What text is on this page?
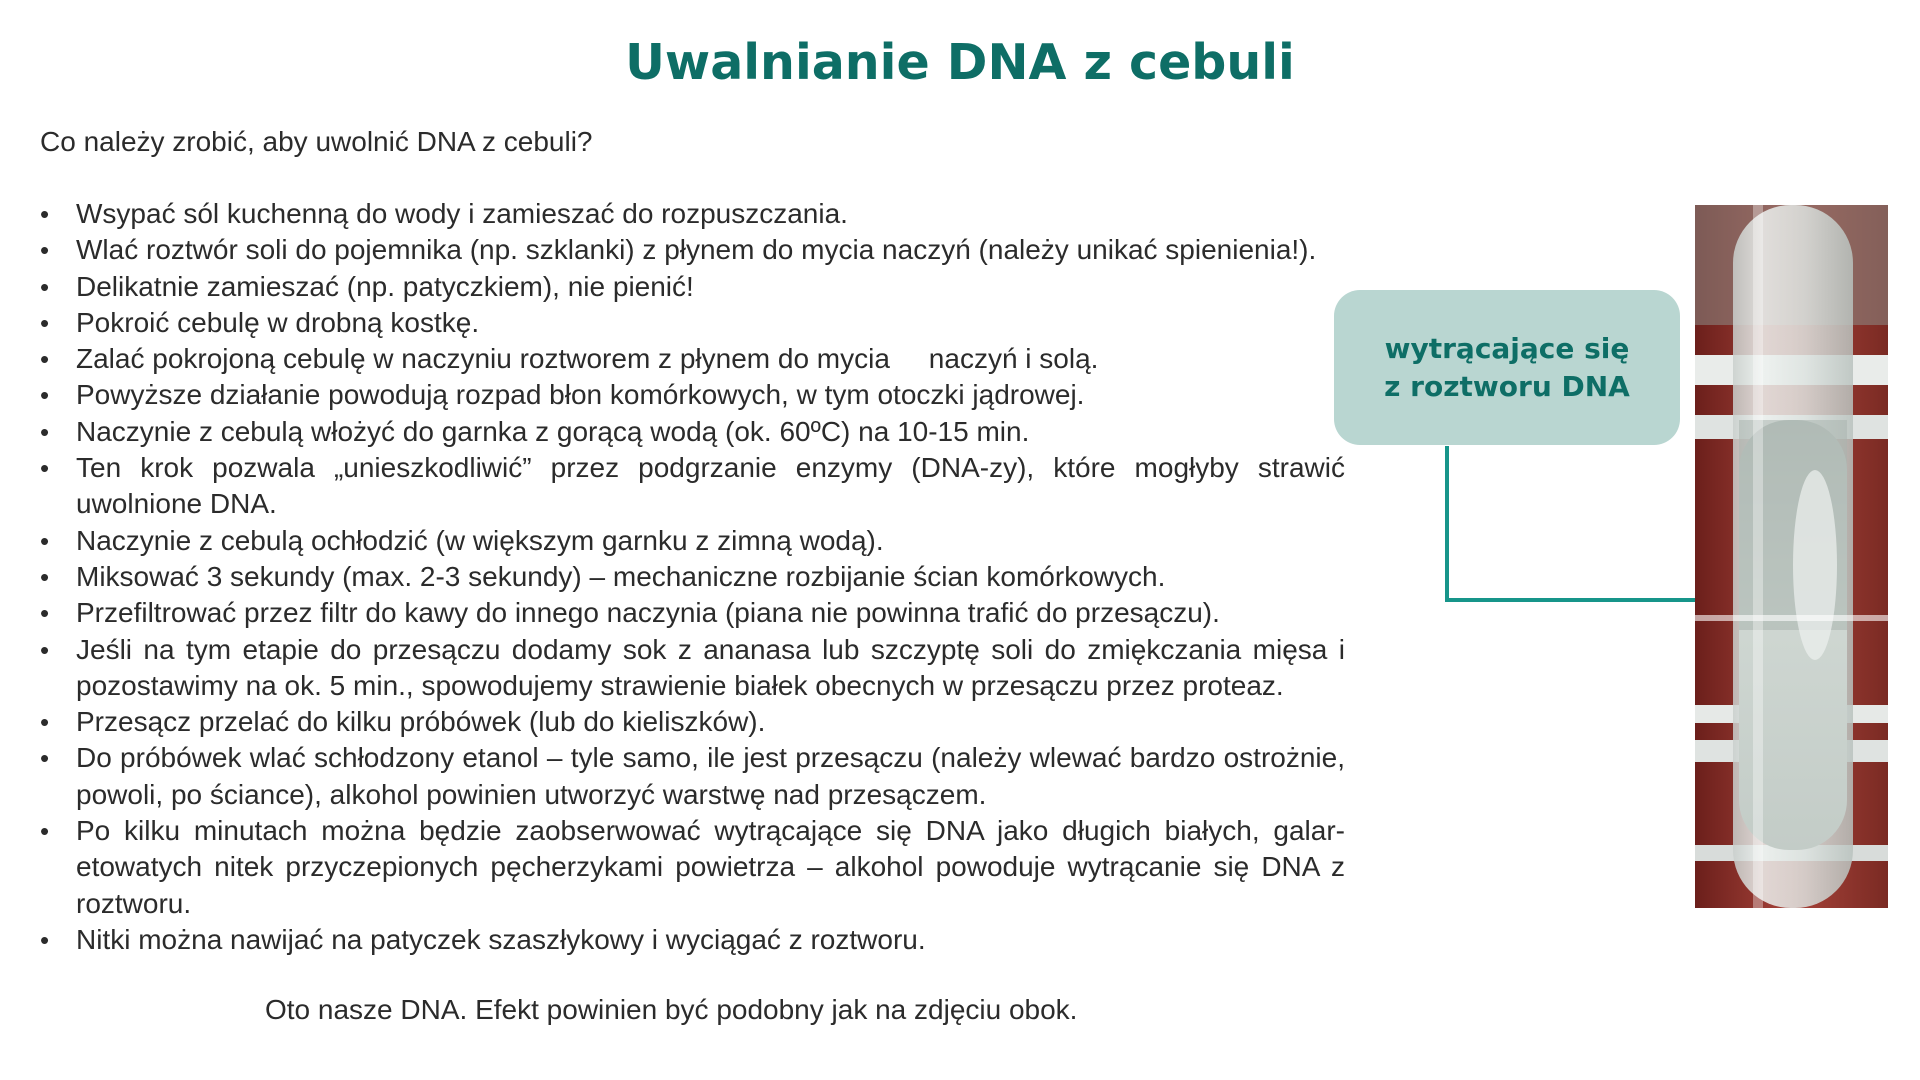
Uwalnianie DNA z cebuli
Co należy zrobić, aby uwolnić DNA z cebuli?
• Wsypać sól kuchenną do wody i zamieszać do rozpuszczania.
• Wlać roztwór soli do pojemnika (np. szklanki) z płynem do mycia naczyń (należy unikać spienienia!).
• Delikatnie zamieszać (np. patyczkiem), nie pienić!
• Pokroić cebulę w drobną kostkę.
• Zalać pokrojoną cebulę w naczyniu roztworem z płynem do mycia     naczyń i solą.
• Powyższe działanie powodują rozpad błon komórkowych, w tym otoczki jądrowej.
• Naczynie z cebulą włożyć do garnka z gorącą wodą (ok. 60ºC) na 10-15 min.
• Ten krok pozwala „unieszkodliwić” przez podgrzanie enzymy (DNA-zy), które mogłyby strawić uwolnione DNA.
• Naczynie z cebulą ochłodzić (w większym garnku z zimną wodą).
• Miksować 3 sekundy (max. 2-3 sekundy) – mechaniczne rozbijanie ścian komórkowych.
• Przefiltrować przez filtr do kawy do innego naczynia (piana nie powinna trafić do przesączu).
• Jeśli na tym etapie do przesączu dodamy sok z ananasa lub szczyptę soli do zmiękczania mięsa i pozostawimy na ok. 5 min., spowodujemy strawienie białek obecnych w przesączu przez proteaz.
• Przesącz przelać do kilku próbówek (lub do kieliszków).
• Do próbówek wlać schłodzony etanol – tyle samo, ile jest przesączu (należy wlewać bardzo ostrożnie, powoli, po ściance), alkohol powinien utworzyć warstwę nad przesączem.
• Po kilku minutach można będzie zaobserwować wytrącające się DNA jako długich białych, galar-etowatych nitek przyczepionych pęcherzykami powietrza – alkohol powoduje wytrącanie się DNA z roztworu.
• Nitki można nawijać na patyczek szaszłykowy i wyciągać z roztworu.
Oto nasze DNA. Efekt powinien być podobny jak na zdjęciu obok.
wytrącające się
z roztworu DNA
